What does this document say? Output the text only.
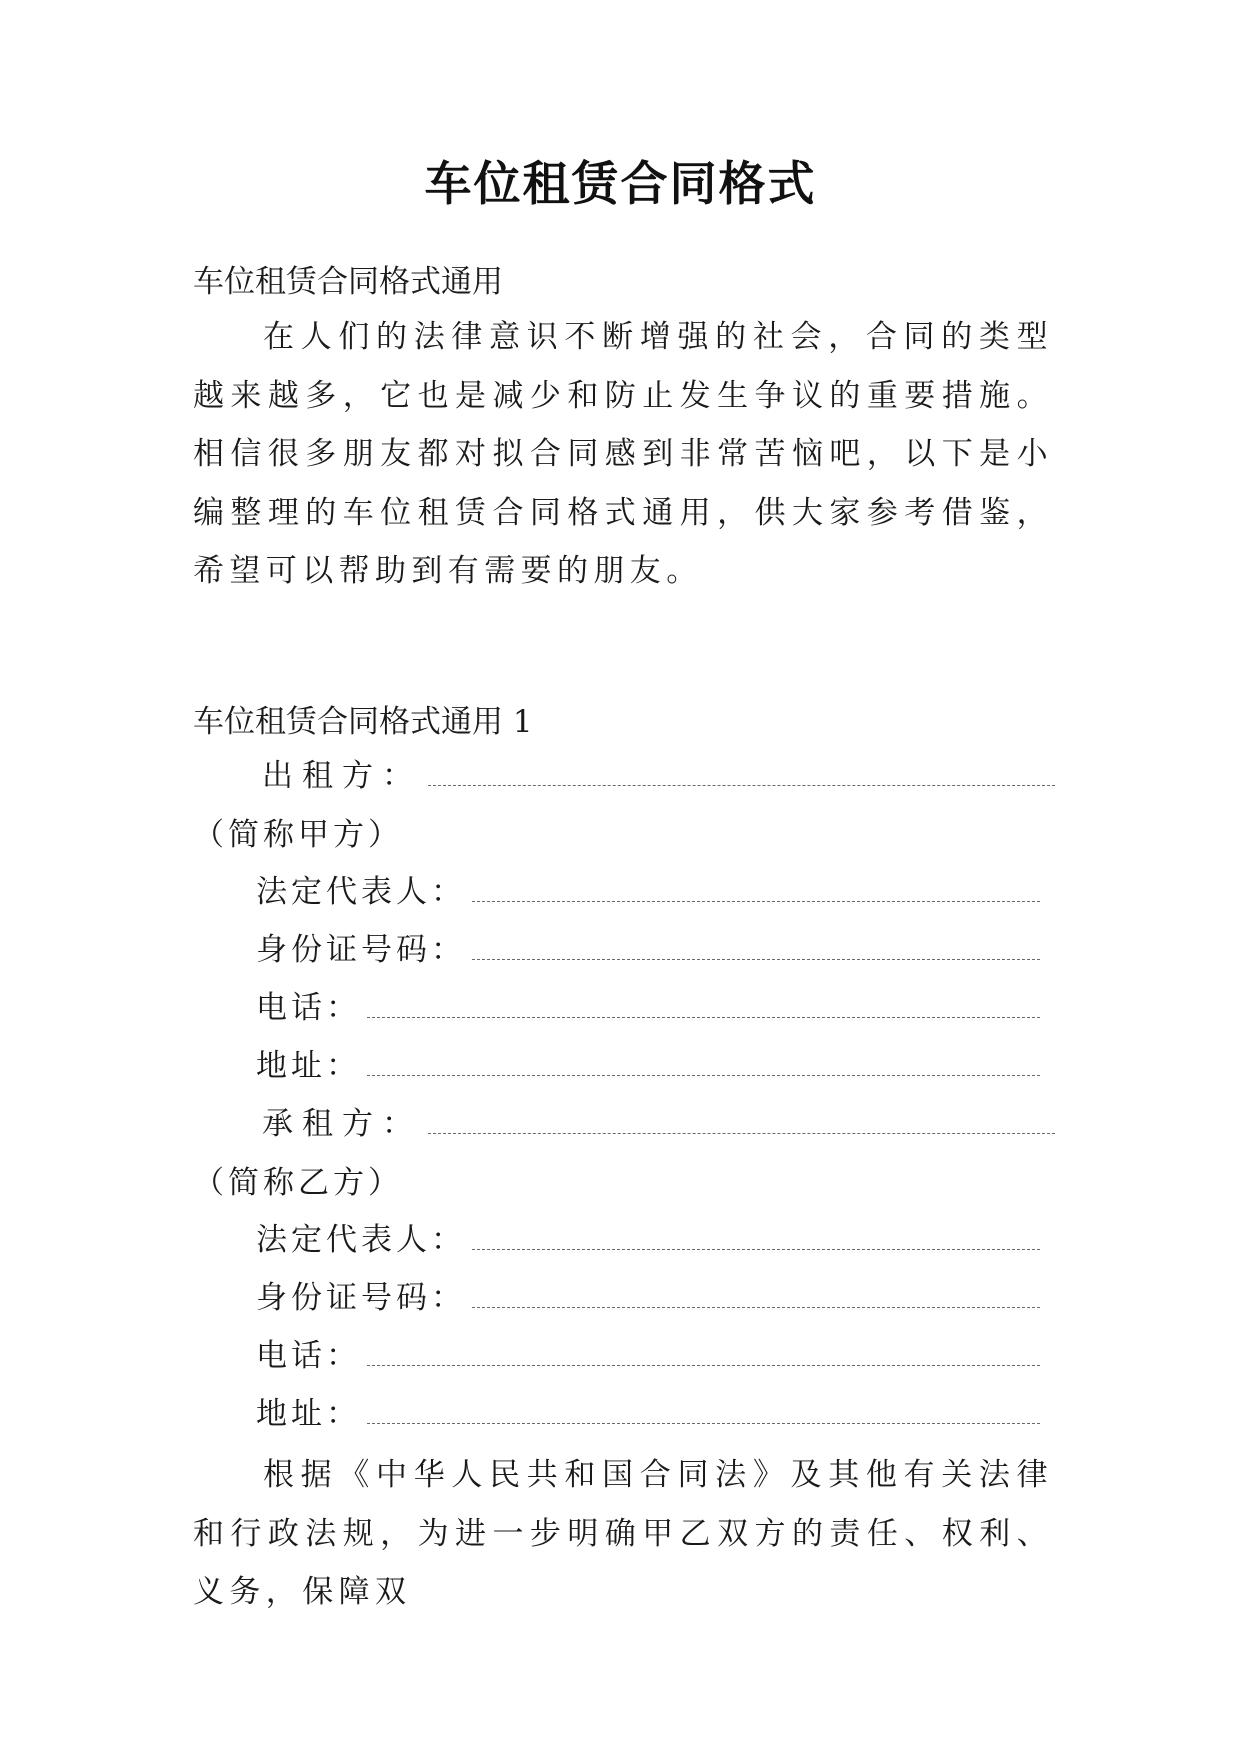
车位租赁合同格式
车位租赁合同格式通用
在人们的法律意识不断增强的社会，合同的类型越来越多，它也是减少和防止发生争议的重要措施。相信很多朋友都对拟合同感到非常苦恼吧，以下是小编整理的车位租赁合同格式通用，供大家参考借鉴，希望可以帮助到有需要的朋友。
车位租赁合同格式通用 1
出租方：
（简称甲方）
法定代表人：
身份证号码：
电话：
地址：
承租方：
（简称乙方）
法定代表人：
身份证号码：
电话：
地址：
根据《中华人民共和国合同法》及其他有关法律和行政法规，为进一步明确甲乙双方的责任、权利、义务，保障双
